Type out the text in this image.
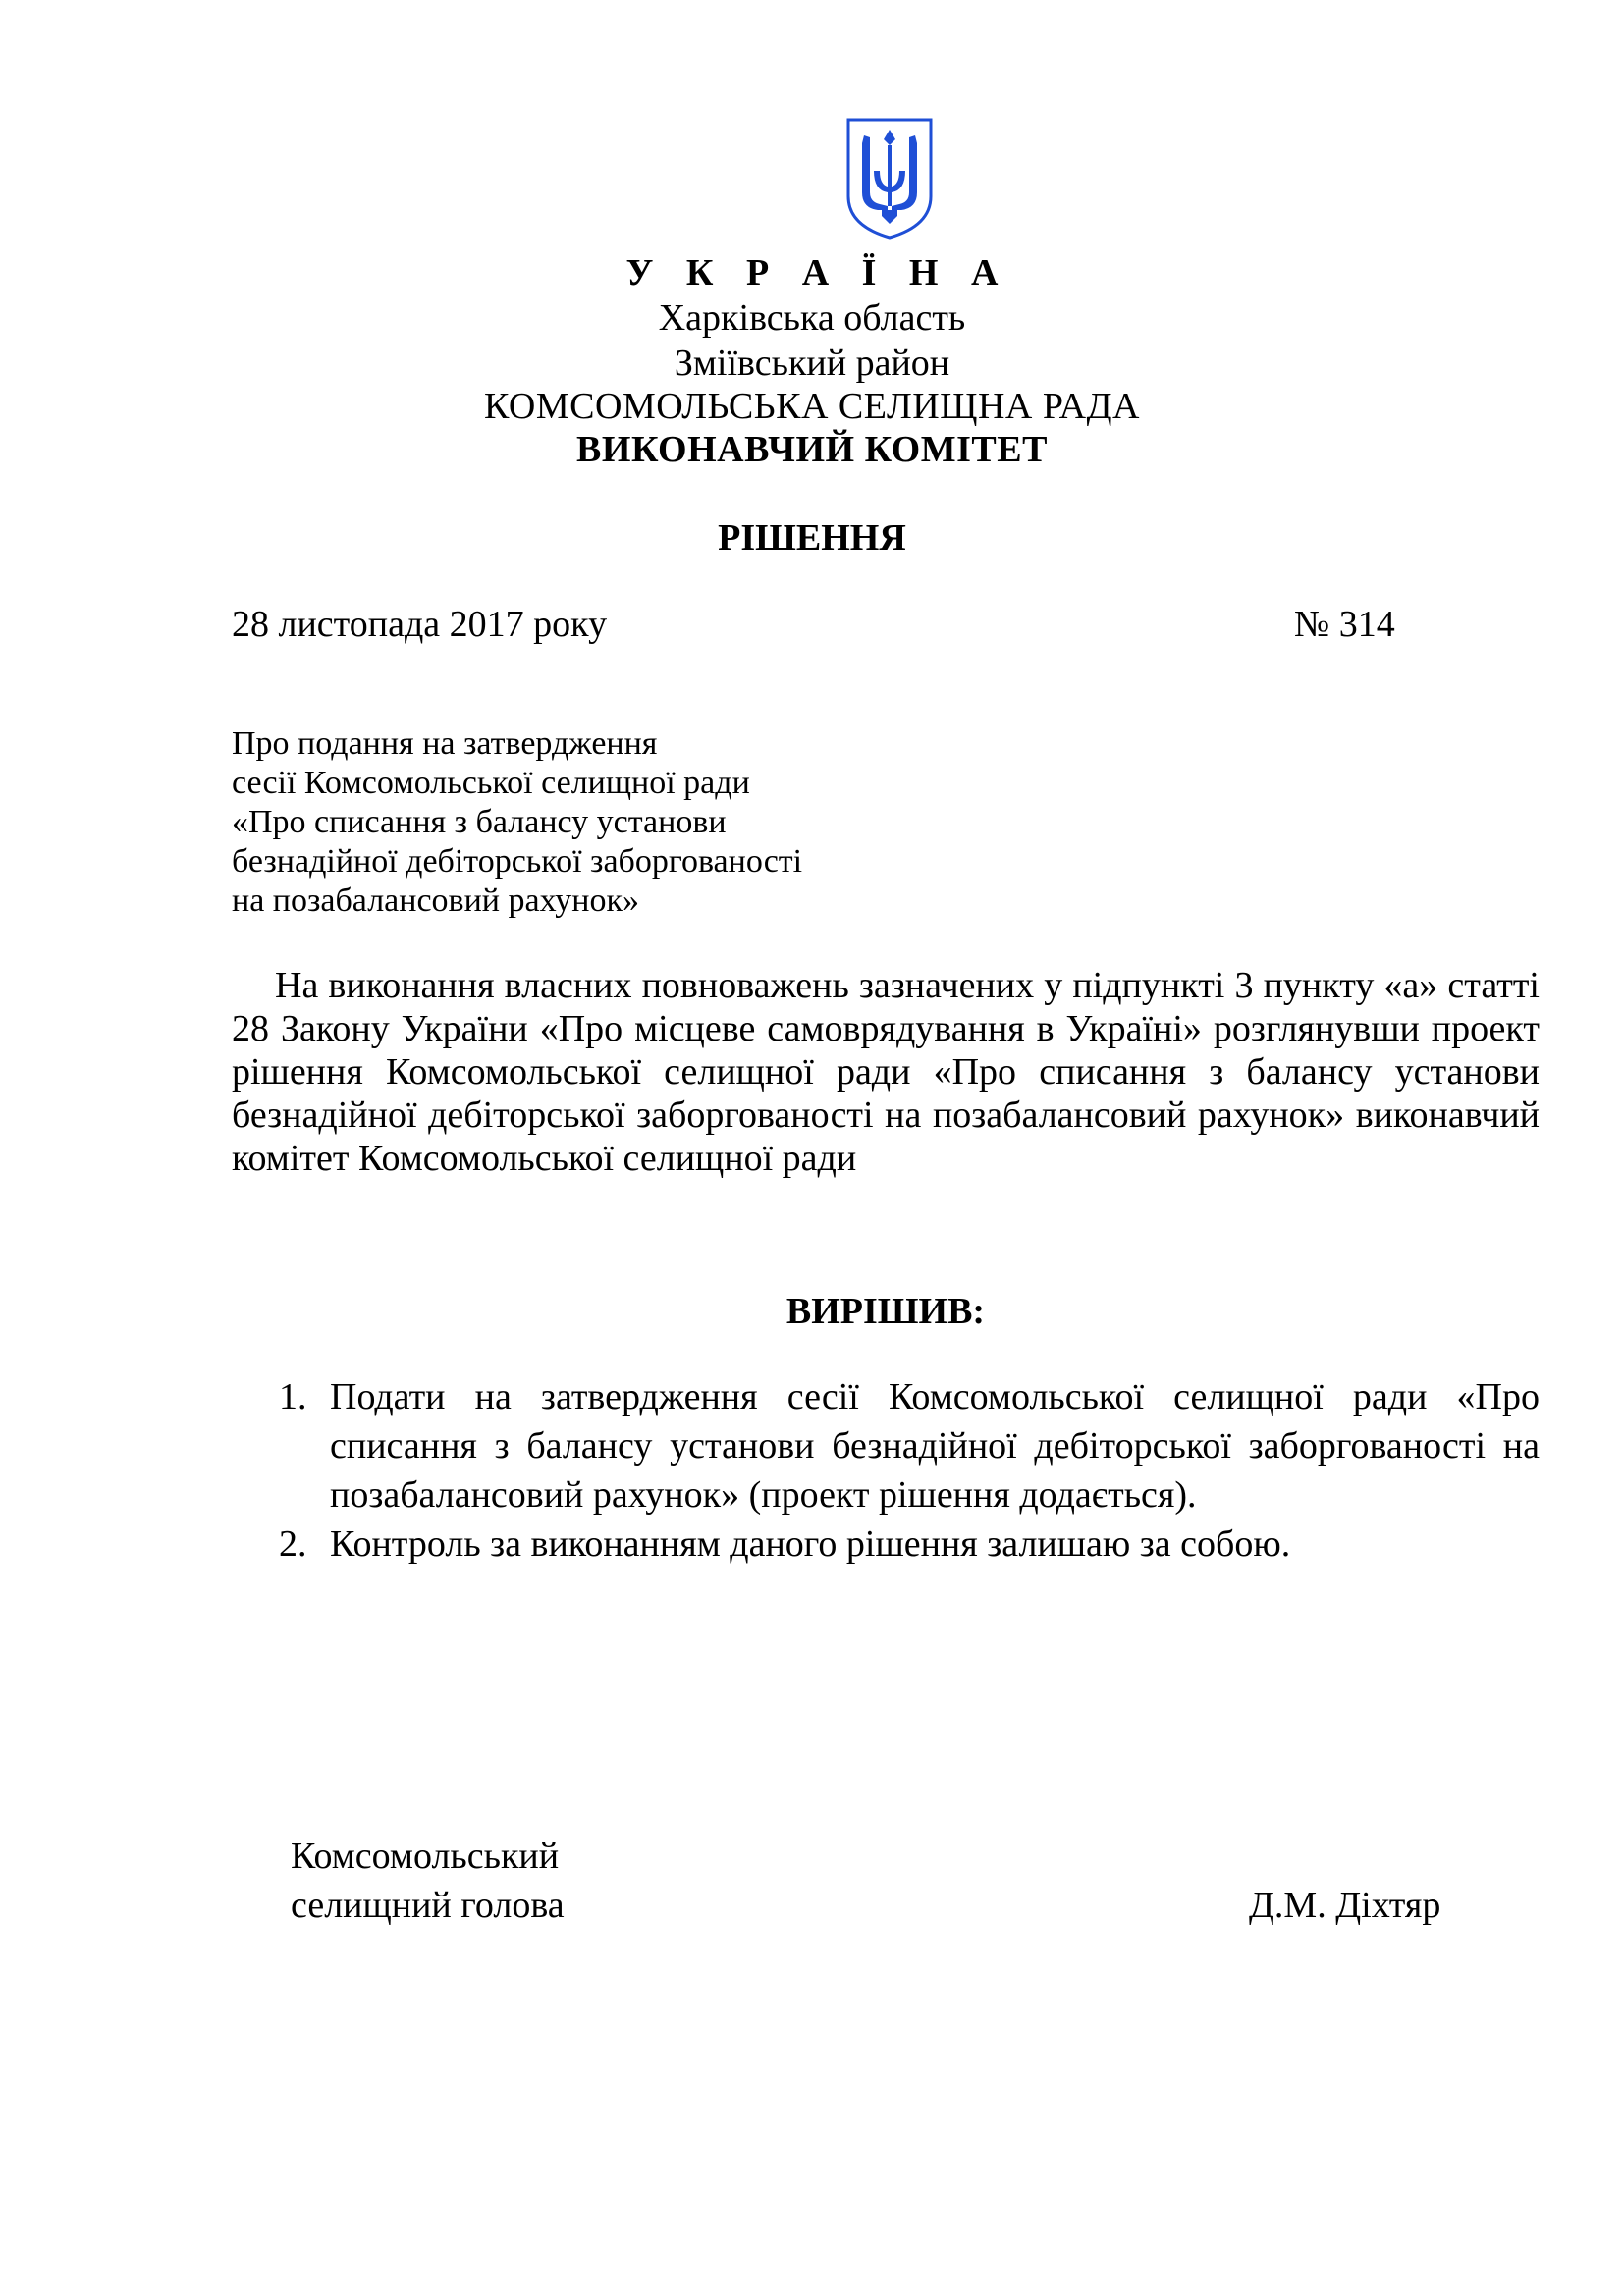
У К Р А Ї Н А
Харківська область
Зміївський район
КОМСОМОЛЬСЬКА СЕЛИЩНА РАДА
ВИКОНАВЧИЙ КОМІТЕТ
РІШЕННЯ
28 листопада 2017 року	№ 314
Про подання на затвердження
сесії Комсомольської селищної ради
«Про списання з балансу установи
безнадійної дебіторської заборгованості
на позабалансовий рахунок»
На виконання власних повноважень зазначених у підпункті 3 пункту «а» статті 28 Закону України «Про місцеве самоврядування в Україні» розглянувши проект рішення Комсомольської селищної ради «Про списання з балансу установи безнадійної дебіторської заборгованості на позабалансовий рахунок» виконавчий комітет Комсомольської селищної ради
ВИРІШИВ:
1. Подати на затвердження сесії Комсомольської селищної ради «Про списання з балансу установи безнадійної дебіторської заборгованості на позабалансовий рахунок» (проект рішення додається).
2. Контроль за виконанням даного рішення залишаю за собою.
Комсомольський
селищний голова	Д.М. Діхтяр
